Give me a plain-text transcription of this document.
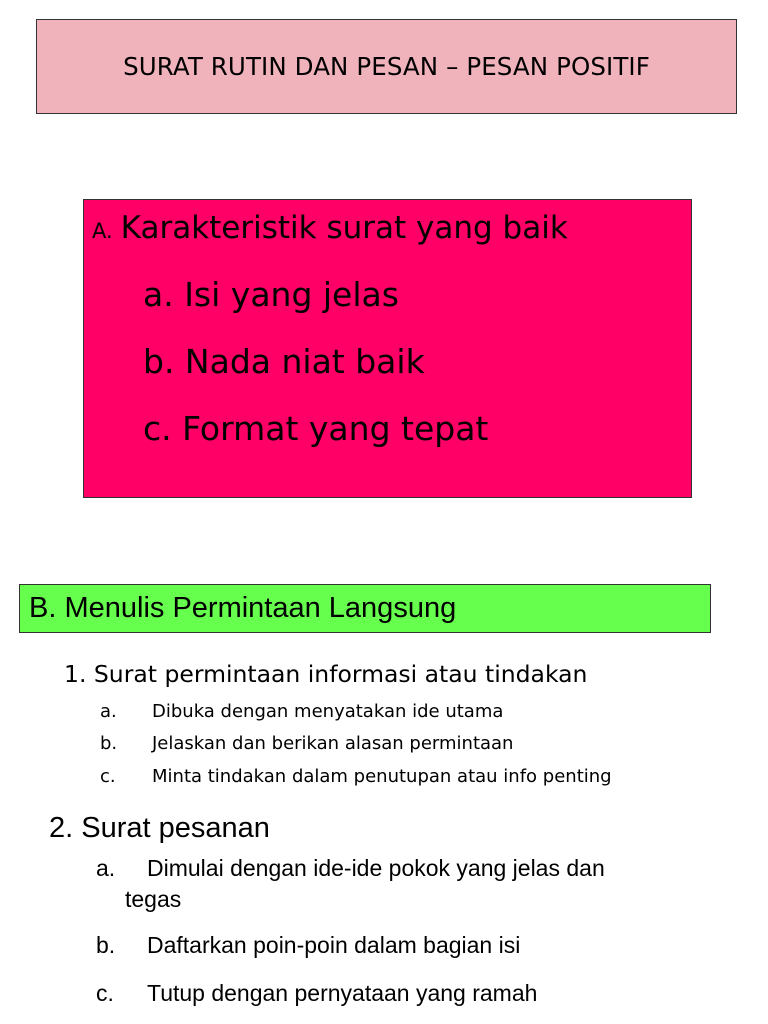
SURAT RUTIN DAN PESAN – PESAN POSITIF
A. Karakteristik surat yang baik
a. Isi yang jelas
b. Nada niat baik
c. Format yang tepat
B. Menulis Permintaan Langsung
1. Surat permintaan informasi atau tindakan
a. Dibuka dengan menyatakan ide utama
b. Jelaskan dan berikan alasan permintaan
c. Minta tindakan dalam penutupan atau info penting
2. Surat pesanan
a. Dimulai dengan ide-ide pokok yang jelas dan
tegas
b. Daftarkan poin-poin dalam bagian isi
c. Tutup dengan pernyataan yang ramah
